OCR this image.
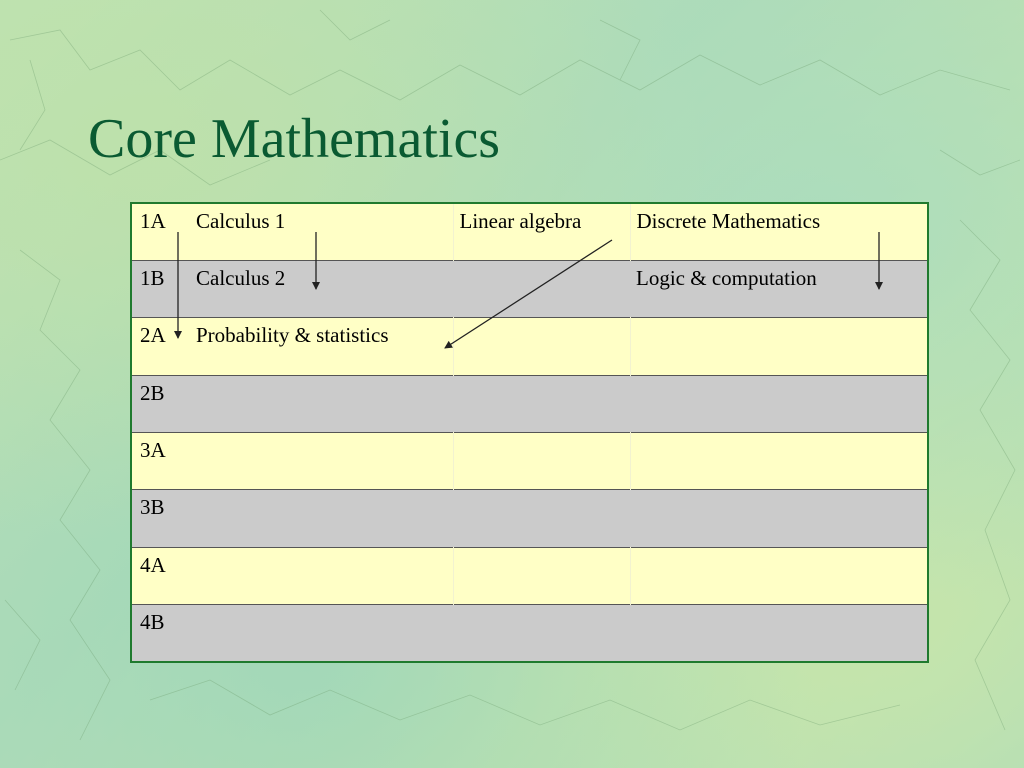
Core Mathematics
1A	Calculus 1	Linear algebra	Discrete Mathematics
1B	Calculus 2		Logic & computation
2A	Probability & statistics		
2B			
3A			
3B			
4A			
4B			
